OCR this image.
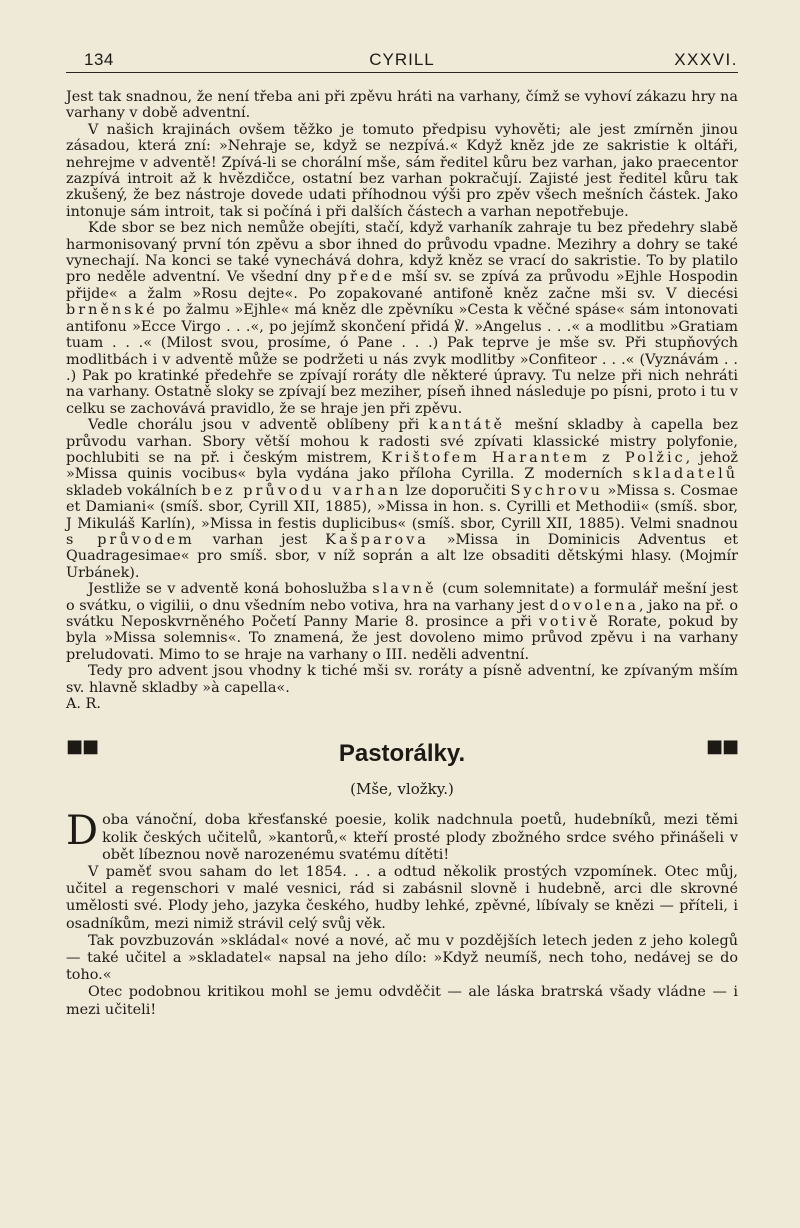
134	CYRILL	XXXVI.

Jest tak snadnou, že není třeba ani při zpěvu hráti na varhany, čímž se vyhoví zákazu hry na varhany v době adventní.

V našich krajinách ovšem těžko je tomuto předpisu vyhověti; ale jest zmírněn jinou zásadou, která zní: »Nehraje se, když se nezpívá.« Když kněz jde ze sakristie k oltáři, nehrejme v adventě! Zpívá-li se chorální mše, sám ředitel kůru bez varhan, jako praecentor zazpívá introit až k hvězdičce, ostatní bez varhan pokračují. Zajisté jest ředitel kůru tak zkušený, že bez nástroje dovede udati příhodnou výši pro zpěv všech mešních částek. Jako intonuje sám introit, tak si počíná i při dalších částech a varhan nepotřebuje.

Kde sbor se bez nich nemůže obejíti, stačí, když varhaník zahraje tu bez předehry slabě harmonisovaný první tón zpěvu a sbor ihned do průvodu vpadne. Mezihry a dohry se také vynechají. Na konci se také vynechává dohra, když kněz se vrací do sakristie. To by platilo pro neděle adventní. Ve všední dny přede mší sv. se zpívá za průvodu »Ejhle Hospodin přijde« a žalm »Rosu dejte«. Po zopakované antifoně kněz začne mši sv. V diecési brněnské po žalmu »Ejhle« má kněz dle zpěvníku »Cesta k věčné spáse« sám intonovati antifonu »Ecce Virgo . . .«, po jejímž skončení přidá ℣. »Angelus . . .« a modlitbu »Gratiam tuam . . .« (Milost svou, prosíme, ó Pane . . .) Pak teprve je mše sv. Při stupňových modlitbách i v adventě může se podržeti u nás zvyk modlitby »Confiteor . . .« (Vyznávám . . .) Pak po kratinké předehře se zpívají roráty dle některé úpravy. Tu nelze při nich nehráti na varhany. Ostatně sloky se zpívají bez meziher, píseň ihned následuje po písni, proto i tu v celku se zachovává pravidlo, že se hraje jen při zpěvu.

Vedle chorálu jsou v adventě oblíbeny při kantátě mešní skladby à capella bez průvodu varhan. Sbory větší mohou k radosti své zpívati klassické mistry polyfonie, pochlubiti se na př. i českým mistrem, Krištofem Harantem z Polžic, jehož »Missa quinis vocibus« byla vydána jako příloha Cyrilla. Z moderních skladatelů skladeb vokálních bez průvodu varhan lze doporučiti Sychrovu »Missa s. Cosmae et Damiani« (smíš. sbor, Cyrill XII, 1885), »Missa in hon. s. Cyrilli et Methodii« (smíš. sbor, J Mikuláš Karlín), »Missa in festis duplicibus« (smíš. sbor, Cyrill XII, 1885). Velmi snadnou s průvodem varhan jest Kašparova »Missa in Dominicis Adventus et Quadragesimae« pro smíš. sbor, v níž soprán a alt lze obsaditi dětskými hlasy. (Mojmír Urbánek).

Jestliže se v adventě koná bohoslužba slavně (cum solemnitate) a formulář mešní jest o svátku, o vigilii, o dnu všedním nebo votiva, hra na varhany jest dovolena, jako na př. o svátku Neposkvrněného Početí Panny Marie 8. prosince a při votivě Rorate, pokud by byla »Missa solemnis«. To znamená, že jest dovoleno mimo průvod zpěvu i na varhany preludovati. Mimo to se hraje na varhany o III. neděli adventní.

Tedy pro advent jsou vhodny k tiché mši sv. roráty a písně adventní, ke zpívaným mším sv. hlavně skladby »à capella«.

A. R.

■■	■■
Pastorálky.
(Mše, vložky.)

Doba vánoční, doba křesťanské poesie, kolik nadchnula poetů, hudebníků, mezi těmi kolik českých učitelů, »kantorů,« kteří prosté plody zbožného srdce svého přinášeli v obět líbeznou nově narozenému svatému dítěti!

V paměť svou saham do let 1854. . . a odtud několik prostých vzpomínek. Otec můj, učitel a regenschori v malé vesnici, rád si zabásnil slovně i hudebně, arci dle skrovné umělosti své. Plody jeho, jazyka českého, hudby lehké, zpěvné, líbívaly se knězi — příteli, i osadníkům, mezi nimiž strávil celý svůj věk.

Tak povzbuzován »skládal« nové a nové, ač mu v pozdějších letech jeden z jeho kolegů — také učitel a »skladatel« napsal na jeho dílo: »Když neumíš, nech toho, nedávej se do toho.«

Otec podobnou kritikou mohl se jemu odvděčit — ale láska bratrská všady vládne — i mezi učiteli!
